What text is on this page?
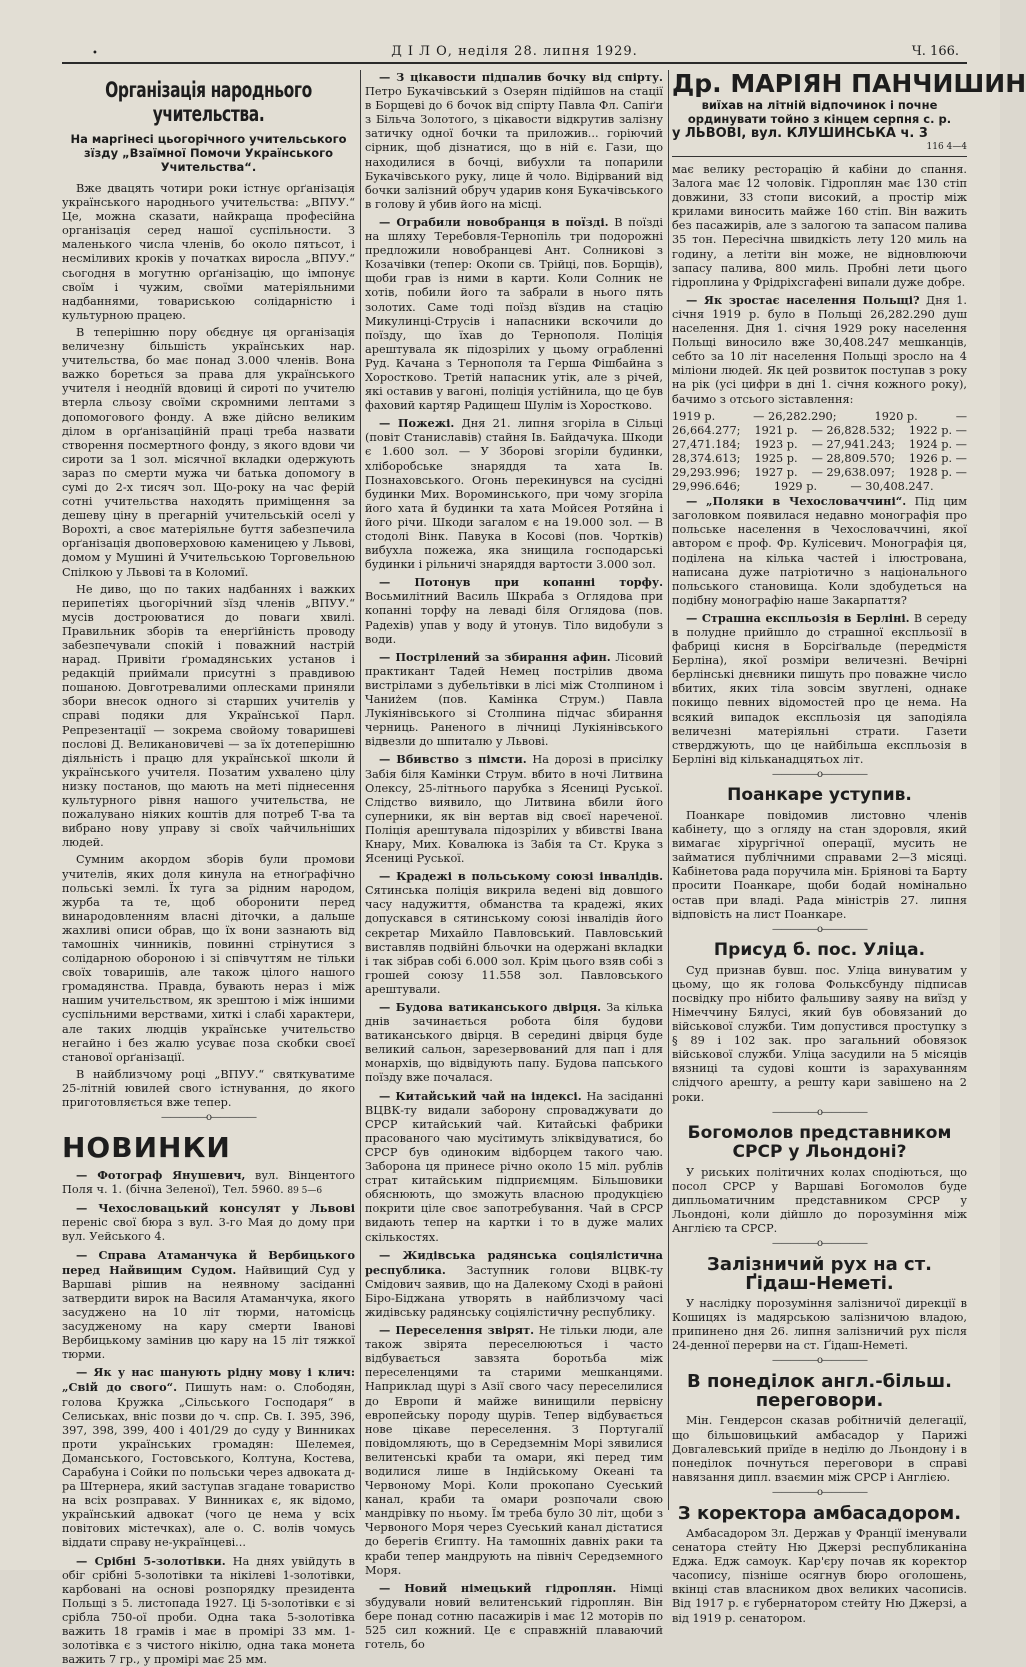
•	Д І Л О, неділя 28. липня 1929.	Ч. 166.
Організація народнього учительства.
На маргінесі цьогорічного учительського зїзду „Взаїмної Помочи Українського Учительства“.

Вже двацять чотири роки істнує орґанізація українського народнього учительства: „ВПУУ.“ Це, можна сказати, найкраща професійна організація серед нашої суспільности. З маленького числа членів, бо около пятьсот, і несміливих кроків у початках виросла „ВПУУ.“ сьогодня в могутню орґанізацію, що імпонує своїм і чужим, своїми матеріяльними надбаннями, товариською солідарністю і культурною працею.

В теперішню пору обєднує ця організація величезну більшість українських нар. учительства, бо має понад 3.000 членів. Вона важко бореться за права для українського учителя і неоднїй вдовиці й сироті по учителю втерла сльозу своїми скромними лептами з допомогового фонду. А вже дійсно великим ділом в орґанізаційній праці треба назвати створення посмертного фонду, з якого вдови чи сироти за 1 зол. місячної вкладки одержують зараз по смерти мужа чи батька допомогу в сумі до 2-х тисяч зол. Що-року на час ферій сотні учительства находять приміщення за дешеву ціну в прегарній учительській оселі у Ворохті, а своє матеріяльне буття забезпечила орґанізація двоповерховою каменицею у Львові, домом у Мушині й Учительською Торговельною Спілкою у Львові та в Коломиї.

Не диво, що по таких надбаннях і важких перипетіях цьогорічний зїзд членів „ВПУУ.“ мусів достроюватися до поваги хвилі. Правильник зборів та енерґійність проводу забезпечували спокій і поважний настрій нарад. Привіти ґромадянських установ і редакцій приймали присутні з правдивою пошаною. Довготревалими оплесками приняли збори внесок одного зі старших учителів у справі подяки для Української Парл. Репрезентації — зокрема свойому товаришеві послові Д. Великановичеві — за їх дотеперішню діяльність і працю для української школи й українського учителя. Позатим ухвалено цілу низку постанов, що мають на меті піднесення культурного рівня нашого учительства, не пожалувано ніяких коштів для потреб Т-ва та вибрано нову управу зі своїх чайчильніших людей.

Сумним акордом зборів були промови учителів, яких доля кинула на етноґрафічно польські землі. Їх туга за рідним народом, журба та те, щоб оборонити перед винародовленням власні діточки, а дальше жахливі описи обрав, що їх вони зазнають від тамошніх чинників, повинні стрінутися з солідарною обороною і зі співчуттям не тільки своїх товаришів, але також цілого нашого громадянства. Правда, бувають нераз і між нашим учительством, як зрештою і між іншими суспільними верствами, хиткі і слабі характери, але таких людців українське учительство негайно і без жалю усуває поза скобки своєї станової орґанізації.

В найблизчому році „ВПУУ.“ святкуватиме 25-літній ювилей свого істнування, до якого приготовляється вже тепер.

—————o—————
НОВИНКИ

— Фотограф Янушевич, вул. Вінцентого Поля ч. 1. (бічна Зеленої), Тел. 5960. 89 5—6

— Чехословацький консулят у Львові переніс свої бюра з вул. 3-го Мая до дому при вул. Уейського 4.

— Справа Атаманчука й Вербицького перед Найвищим Судом. Найвищий Суд у Варшаві рішив на неявному засіданні затвердити вирок на Василя Атаманчука, якого засуджено на 10 літ тюрми, натомісць засудженому на кару смерти Іванові Вербицькому замінив цю кару на 15 літ тяжкої тюрми.

— Як у нас шанують рідну мову і клич: „Свій до свого“. Пишуть нам: о. Слободян, голова Кружка „Сільського Господаря“ в Селиськах, вніс позви до ч. спр. Св. І. 395, 396, 397, 398, 399, 400 і 401/29 до суду у Винниках проти українських громадян: Шелемея, Доманського, Гостовського, Колтуна, Костева, Сарабуна і Сойки по польськи через адвоката д-ра Штернера, який заступав згадане товариство на всіх розправах. У Винниках є, як відомо, український адвокат (чого це нема у всіх повітових містечках), але о. С. волів чомусь віддати справу не-українцеві...

— Срібні 5-золотівки. На днях увійдуть в обіг срібні 5-золотівки та нікілеві 1-золотівки, карбовані на основі розпорядку президента Польщі з 5. листопада 1927. Ці 5-золотівки є зі срібла 750-ої проби. Одна така 5-золотівка важить 18 грамів і має в промірі 33 мм. 1-золотівка є з чистого нікілю, одна така монета важить 7 гр., у промірі має 25 мм.

— З цікавости підпалив бочку від спірту. Петро Букачівський з Озерян підійшов на стації в Борщеві до 6 бочок від спірту Павла Фл. Сапіґи з Більча Золотого, з цікавости відкрутив залізну затичку одної бочки та приложив... горіючий сірник, щоб дізнатися, що в ній є. Гази, що находилися в бочці, вибухли та попарили Букачівського руку, лице й чоло. Відірваний від бочки залізний обруч ударив коня Букачівського в голову й убив його на місці.

— Ограбили новобранця в поїзді. В поїзді на шляху Теребовля-Тернопіль три подорожні предложили новобранцеві Ант. Солникові з Козачівки (тепер: Окопи св. Трійці, пов. Борщів), щоби грав із ними в карти. Коли Солник не хотів, побили його та забрали в нього пять золотих. Саме тоді поїзд вїздив на стацію Микулинці-Струсів і напасники вскочили до поїзду, що їхав до Тернополя. Поліція арештувала як підозрілих у цьому ограбленні Руд. Качана з Тернополя та Герша Фішбайна з Хоростково. Третій напасник утік, але з річей, які оставив у вагоні, поліція устійнила, що це був фаховий картяр Радищеш Шулім із Хоростково.

— Пожежі. Дня 21. липня згоріла в Сільці (повіт Станиславів) стайня Ів. Байдачука. Шкоди є 1.600 зол. — У Зборові згоріли будинки, хліборобське знаряддя та хата Ів. Познаховського. Огонь перекинувся на сусідні будинки Мих. Вороминського, при чому згоріла його хата й будинки та хата Мойсея Ротяйна і його річи. Шкоди загалом є на 19.000 зол. — В стодолі Вінк. Павука в Косові (пов. Чортків) вибухла пожежа, яка знищила господарські будинки і рільничі знаряддя вартости 3.000 зол.

— Потонув при копанні торфу. Восьмилітний Василь Шкраба з Оглядова при копанні торфу на леваді біля Оглядова (пов. Радехів) упав у воду й утонув. Тіло видобули з води.

— Пострілений за збирання афин. Лісовий практикант Тадей Немец пострілив двома вистрілами з дубельтівки в лісі між Столпином і Чаниżем (пов. Камінка Струм.) Павла Лукіянівського зі Столпина підчас збирання черниць. Раненого в лічниці Лукіянівського відвезли до шпиталю у Львові.

— Вбивство з пімсти. На дорозі в присілку Забія біля Камінки Струм. вбито в ночі Литвина Олексу, 25-літнього парубка з Ясениці Руської. Слідство виявило, що Литвина вбили його суперники, як він вертав від своєї нареченої. Поліція арештувала підозрілих у вбивстві Івана Кнару, Мих. Ковалюка із Забія та Ст. Крука з Ясениці Руської.

— Крадежі в польському союзі інвалідів. Сятинська поліція викрила ведені від довшого часу надужиття, обманства та крадежі, яких допускався в сятинському союзі інвалідів його секретар Михайло Павловський. Павловський виставляв подвійні бльочки на одержані вкладки і так зібрав собі 6.000 зол. Крім цього взяв собі з грошей союзу 11.558 зол. Павловського арештували.

— Будова ватиканського двірця. За кілька днів зачинається робота біля будови ватиканського двірця. В середині двірця буде великий сальон, зарезервований для пап і для монархів, що відвідують папу. Будова папського поїзду вже почалася.

— Китайський чай на індексі. На засіданні ВЦВК-ту видали заборону спроваджувати до СРСР китайський чай. Китайські фабрики прасованого чаю мусітимуть зліквідуватися, бо СРСР був одиноким відборцем такого чаю. Заборона ця принесе річно около 15 міл. рублів страт китайським підприємцям. Більшовики обяснюють, що зможуть власною продукцією покрити ціле своє запотребування. Чай в СРСР видають тепер на картки і то в дуже малих скількостях.

— Жидівська радянська соціялістична республика. Заступник голови ВЦВК-ту Смідович заявив, що на Далекому Сході в районі Біро-Біджана утворять в найблизчому часі жидівську радянську соціялістичну республику.

— Переселення звірят. Не тільки люди, але також звірята переселюються і часто відбувається завзята боротьба між переселенцями та старими мешканцями. Наприклад щурі з Азії свого часу переселилися до Европи й майже винищили первісну европейську породу щурів. Тепер відбувається нове цікаве переселення. З Португалії повідомляють, що в Середземнім Морі зявилися велитенські краби та омари, які перед тим водилися лише в Індійському Океані та Червоному Морі. Коли прокопано Суеський канал, краби та омари розпочали свою мандрівку по ньому. Їм треба було 30 літ, щоби з Червоного Моря через Суеський канал дістатися до берегів Єгипту. На тамошніх давніх раки та краби тепер мандрують на північ Середземного Моря.

— Новий німецький гідроплян. Німці збудували новий велитенський гідроплян. Він бере понад сотню пасажирів і має 12 моторів по 525 сил кожний. Це є справжній плаваючий готель, бо

Др. МАРІЯН ПАНЧИШИН
виїхав на літній відпочинок і почне ординувати тойно з кінцем серпня с. р.
у ЛЬВОВІ, вул. КЛУШИНСЬКА ч. 3
116 4—4

має велику ресторацію й кабіни до спання. Залога має 12 чоловік. Гідроплян має 130 стіп довжини, 33 стопи високий, а простір між крилами виносить майже 160 стіп. Він важить без пасажирів, але з залогою та запасом палива 35 тон. Пересічна швидкість лету 120 миль на годину, а летіти він може, не відновлюючи запасу палива, 800 миль. Пробні лети цього гідроплина у Фрідріхсгафені випали дуже добре.

— Як зростає населення Польщі? Дня 1. січня 1919 р. було в Польщі 26,282.290 душ населення. Дня 1. січня 1929 року населення Польщі виносило вже 30,408.247 мешканців, себто за 10 літ населення Польщі зросло на 4 міліони людей. Як цей розвиток поступав з року на рік (усі цифри в дні 1. січня кожного року), бачимо з отсього зіставлення:

1919 р.	— 26,282.290;	1920 р.	—
26,664.277; 1921 р. — 26,828.532; 1922 р. —
27,471.184; 1923 р. — 27,941.243; 1924 р. —
28,374.613; 1925 р. — 28,809.570; 1926 р. —
29,293.996; 1927 р. — 29,638.097; 1928 р. —
29,996.646;	1929 р.	— 30,408.247.

— „Поляки в Чехословаччині“. Під цим заголовком появилася недавно монографія про польське населення в Чехословаччині, якої автором є проф. Фр. Кулісевич. Монографія ця, поділена на кілька частей і ілюстрована, написана дуже патріотично з національного польського становища. Коли здобудеться на подібну монографію наше Закарпаття?

— Страшна експльозія в Берліні. В середу в полудне прийшло до страшної експльозії в фабриці кисня в Борсіґвальде (передмістя Берліна), якої розміри величезні. Вечірні берлінські днєвники пишуть про поважне число вбитих, яких тіла зовсім звуглені, однаке покищо певних відомостей про це нема. На всякий випадок експльозія ця заподіяла величезні матеріяльні страти. Газети стверджують, що це найбільша експльозія в Берліні від кільканадцятьох літ.

—————o—————
Поанкаре уступив.

Поанкаре повідомив листовно членів кабінету, що з огляду на стан здоровля, який вимагає хірургічної операції, мусить не займатися публічними справами 2—3 місяці. Кабінетова рада поручила мін. Бріянові та Барту просити Поанкаре, щоби бодай номінально остав при владі. Рада міністрів 27. липня відповість на лист Поанкаре.

—————o—————
Присуд б. пос. Уліца.

Суд признав бувш. пос. Уліца винуватим у цьому, що як голова Фольксбунду підписав посвідку про нібито фальшиву заяву на виїзд у Німеччину Бялусі, який був обовязаний до військової служби. Тим допустився проступку з § 89 і 102 зак. про загальний обовязок військової служби. Уліца засудили на 5 місяців вязниці та судові кошти із зарахуванням слідчого арешту, а решту кари завішено на 2 роки.

—————o—————
Богомолов представником СРСР у Льондоні?

У риських політичних колах сподіються, що посол СРСР у Варшаві Богомолов буде дипльоматичним представником СРСР у Льондоні, коли дійшло до порозуміння між Англією та СРСР.

—————o—————
Залізничий рух на ст. Ґідаш-Неметі.

У наслідку порозуміння залізничої дирекції в Кошицях із мадярською залізничою владою, припинено дня 26. липня залізничий рух після 24-денної перерви на ст. Ґідаш-Неметі.

—————o—————
В понеділок англ.-більш. переговори.

Мін. Гендерсон сказав робітничій делегації, що більшовицький амбасадор у Парижі Довгалевський приїде в неділю до Льондону і в понеділок почнуться переговори в справі навязання дипл. взаємин між СРСР і Англією.

—————o—————
З коректора амбасадором.

Амбасадором Зл. Держав у Франції іменували сенатора стейту Ню Джерзі республиканіна Еджа. Едж самоук. Кар'єру почав як коректор часопису, пізніше осягнув бюро оголошень, вкінці став власником двох великих часописів. Від 1917 р. є губернатором стейту Ню Джерзі, а від 1919 р. сенатором.
